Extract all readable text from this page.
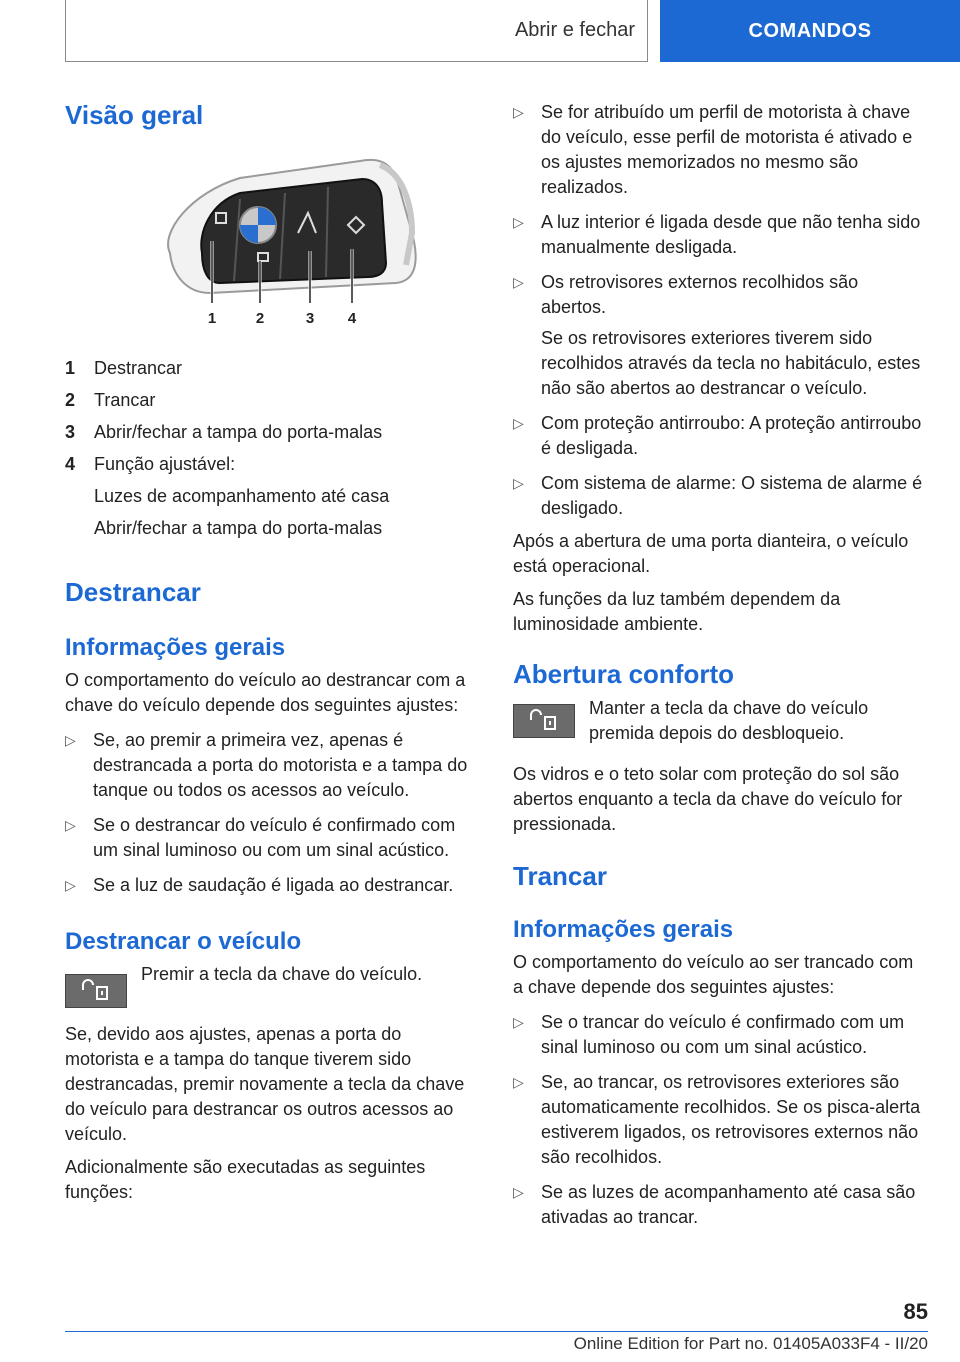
Abrir e fechar	COMANDOS
Visão geral
1	2	3 4
1	Destrancar
2	Trancar
3	Abrir/fechar a tampa do porta-malas
4	Função ajustável:

Luzes de acompanhamento até casa

Abrir/fechar a tampa do porta-malas

Destrancar
Informações gerais

O comportamento do veículo ao destrancar com a chave do veículo depende dos seguintes ajustes:

▷ Se, ao premir a primeira vez, apenas é destrancada a porta do motorista e a tampa do tanque ou todos os acessos ao veículo.
▷ Se o destrancar do veículo é confirmado com um sinal luminoso ou com um sinal acústico.
▷ Se a luz de saudação é ligada ao destrancar.
Destrancar o veículo
Premir a tecla da chave do veículo.

Se, devido aos ajustes, apenas a porta do motorista e a tampa do tanque tiverem sido destrancadas, premir novamente a tecla da chave do veículo para destrancar os outros acessos ao veículo.

Adicionalmente são executadas as seguintes funções:

▷ Se for atribuído um perfil de motorista à chave do veículo, esse perfil de motorista é ativado e os ajustes memorizados no mesmo são realizados.
▷ A luz interior é ligada desde que não tenha sido manualmente desligada.
▷ Os retrovisores externos recolhidos são abertos.

Se os retrovisores exteriores tiverem sido recolhidos através da tecla no habitáculo, estes não são abertos ao destrancar o veículo.

▷ Com proteção antirroubo: A proteção antirroubo é desligada.
▷ Com sistema de alarme: O sistema de alarme é desligado.

Após a abertura de uma porta dianteira, o veículo está operacional.

As funções da luz também dependem da luminosidade ambiente.

Abertura conforto
Manter a tecla da chave do veículo premida depois do desbloqueio.

Os vidros e o teto solar com proteção do sol são abertos enquanto a tecla da chave do veículo for pressionada.

Trancar
Informações gerais

O comportamento do veículo ao ser trancado com a chave depende dos seguintes ajustes:

▷ Se o trancar do veículo é confirmado com um sinal luminoso ou com um sinal acústico.
▷ Se, ao trancar, os retrovisores exteriores são automaticamente recolhidos. Se os pisca-alerta estiverem ligados, os retrovisores externos não são recolhidos.
▷ Se as luzes de acompanhamento até casa são ativadas ao trancar.
85
Online Edition for Part no. 01405A033F4 - II/20
